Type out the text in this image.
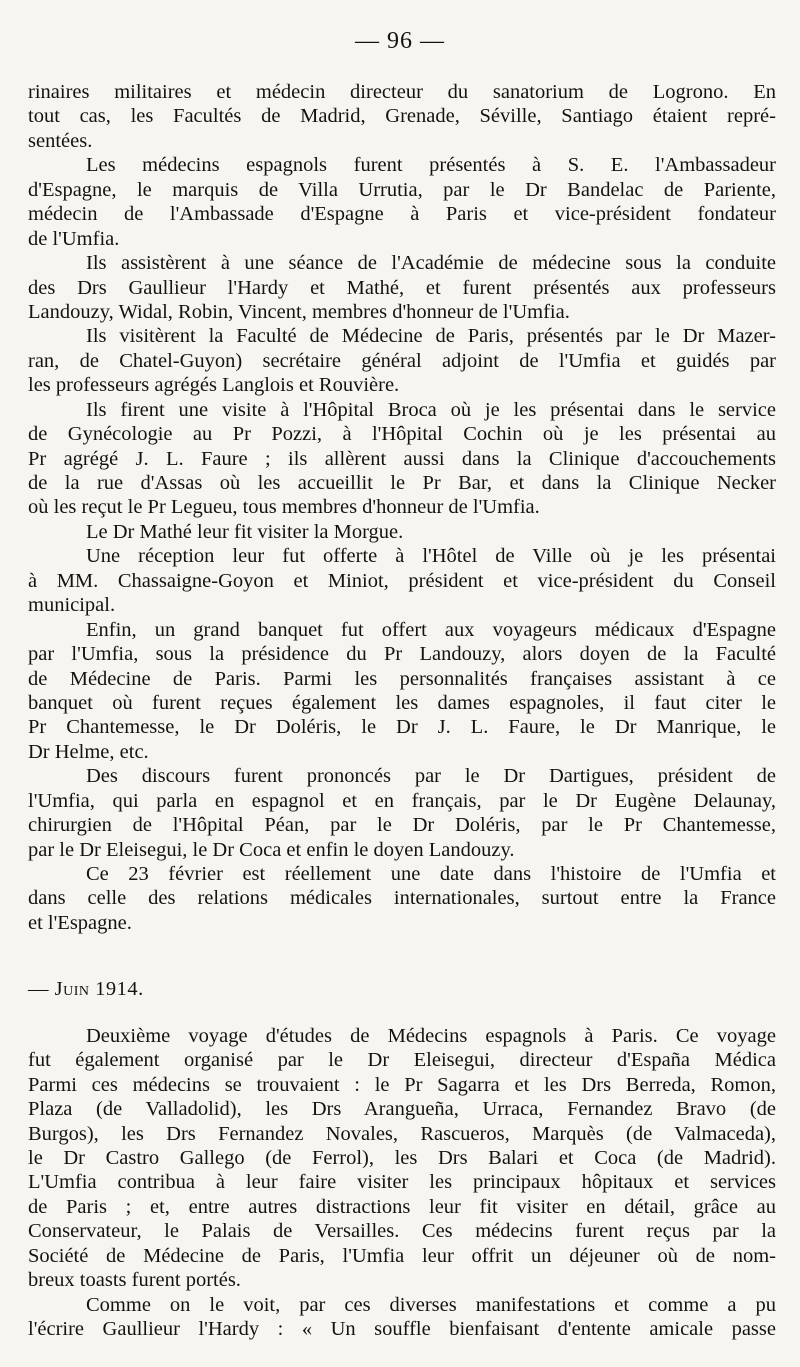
— 96 —
rinaires militaires et médecin directeur du sanatorium de Logrono. En
tout cas, les Facultés de Madrid, Grenade, Séville, Santiago étaient repré-
sentées.
Les médecins espagnols furent présentés à S. E. l'Ambassadeur
d'Espagne, le marquis de Villa Urrutia, par le Dr Bandelac de Pariente,
médecin de l'Ambassade d'Espagne à Paris et vice-président fondateur
de l'Umfia.
Ils assistèrent à une séance de l'Académie de médecine sous la conduite
des Drs Gaullieur l'Hardy et Mathé, et furent présentés aux professeurs
Landouzy, Widal, Robin, Vincent, membres d'honneur de l'Umfia.
Ils visitèrent la Faculté de Médecine de Paris, présentés par le Dr Mazer-
ran, de Chatel-Guyon) secrétaire général adjoint de l'Umfia et guidés par
les professeurs agrégés Langlois et Rouvière.
Ils firent une visite à l'Hôpital Broca où je les présentai dans le service
de Gynécologie au Pr Pozzi, à l'Hôpital Cochin où je les présentai au
Pr agrégé J. L. Faure ; ils allèrent aussi dans la Clinique d'accouchements
de la rue d'Assas où les accueillit le Pr Bar, et dans la Clinique Necker
où les reçut le Pr Legueu, tous membres d'honneur de l'Umfia.
Le Dr Mathé leur fit visiter la Morgue.
Une réception leur fut offerte à l'Hôtel de Ville où je les présentai
à MM. Chassaigne-Goyon et Miniot, président et vice-président du Conseil
municipal.
Enfin, un grand banquet fut offert aux voyageurs médicaux d'Espagne
par l'Umfia, sous la présidence du Pr Landouzy, alors doyen de la Faculté
de Médecine de Paris. Parmi les personnalités françaises assistant à ce
banquet où furent reçues également les dames espagnoles, il faut citer le
Pr Chantemesse, le Dr Doléris, le Dr J. L. Faure, le Dr Manrique, le
Dr Helme, etc.
Des discours furent prononcés par le Dr Dartigues, président de
l'Umfia, qui parla en espagnol et en français, par le Dr Eugène Delaunay,
chirurgien de l'Hôpital Péan, par le Dr Doléris, par le Pr Chantemesse,
par le Dr Eleisegui, le Dr Coca et enfin le doyen Landouzy.
Ce 23 février est réellement une date dans l'histoire de l'Umfia et
dans celle des relations médicales internationales, surtout entre la France
et l'Espagne.
— Juin 1914.
Deuxième voyage d'études de Médecins espagnols à Paris. Ce voyage
fut également organisé par le Dr Eleisegui, directeur d'España Médica
Parmi ces médecins se trouvaient : le Pr Sagarra et les Drs Berreda, Romon,
Plaza (de Valladolid), les Drs Arangueña, Urraca, Fernandez Bravo (de
Burgos), les Drs Fernandez Novales, Rascueros, Marquès (de Valmaceda),
le Dr Castro Gallego (de Ferrol), les Drs Balari et Coca (de Madrid).
L'Umfia contribua à leur faire visiter les principaux hôpitaux et services
de Paris ; et, entre autres distractions leur fit visiter en détail, grâce au
Conservateur, le Palais de Versailles. Ces médecins furent reçus par la
Société de Médecine de Paris, l'Umfia leur offrit un déjeuner où de nom-
breux toasts furent portés.
Comme on le voit, par ces diverses manifestations et comme a pu
l'écrire Gaullieur l'Hardy : « Un souffle bienfaisant d'entente amicale passe
